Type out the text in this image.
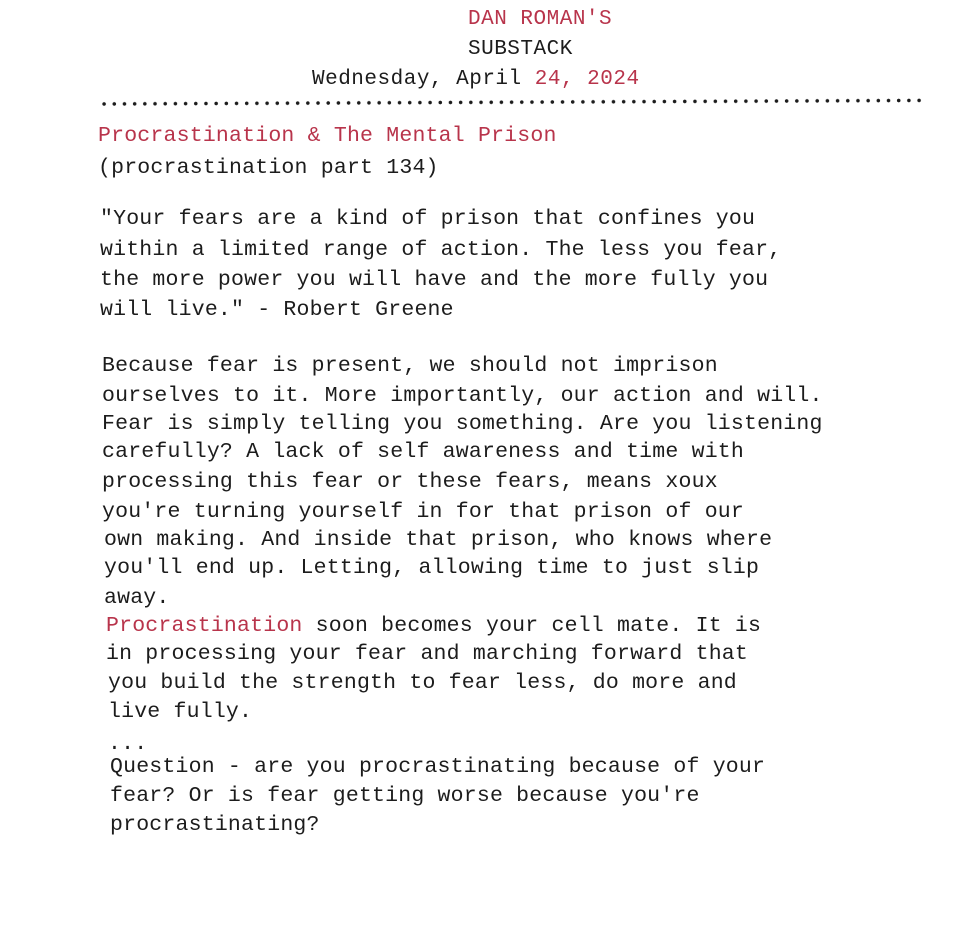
DAN ROMAN'S
SUBSTACK
Wednesday, April 24, 2024
Procrastination & The Mental Prison
(procrastination part 134)
"Your fears are a kind of prison that confines you
within a limited range of action. The less you fear,
the more power you will have and the more fully you
will live." - Robert Greene
Because fear is present, we should not imprison
ourselves to it. More importantly, our action and will.
Fear is simply telling you something. Are you listening
carefully? A lack of self awareness and time with
processing this fear or these fears, means xoux
you're turning yourself in for that prison of our
own making. And inside that prison, who knows where
you'll end up. Letting, allowing time to just slip
away.
Procrastination soon becomes your cell mate. It is
in processing your fear and marching forward that
you build the strength to fear less, do more and
live fully.
...
Question - are you procrastinating because of your
fear? Or is fear getting worse because you're
procrastinating?
